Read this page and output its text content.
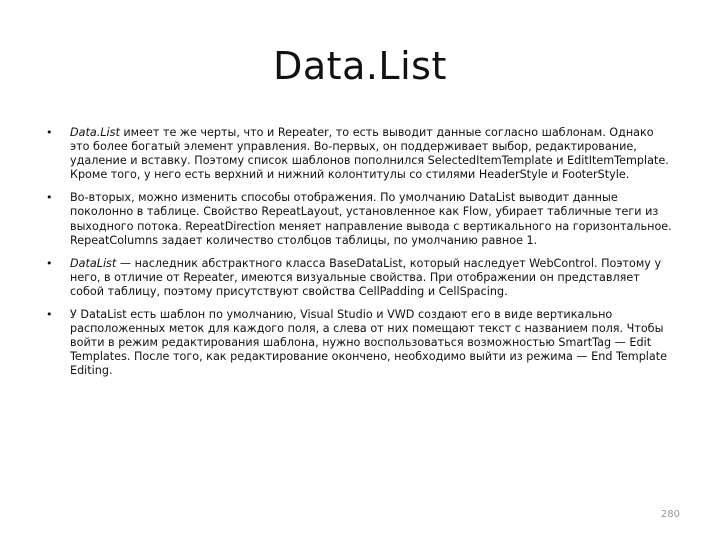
Data.List
• Data.List имеет те же черты, что и Repeater, то есть выводит данные согласно шаблонам. Однако это более богатый элемент управления. Во-первых, он поддерживает выбор, редактирование, удаление и вставку. Поэтому список шаблонов пополнился SelectedItemTemplate и EditItemTemplate. Кроме того, у него есть верхний и нижний колонтитулы со стилями HeaderStyle и FooterStyle.
• Во-вторых, можно изменить способы отображения. По умолчанию DataList выводит данные поколонно в таблице. Свойство RepeatLayout, установленное как Flow, убирает табличные теги из выходного потока. RepeatDirection меняет направление вывода с вертикального на горизонтальное. RepeatColumns задает количество столбцов таблицы, по умолчанию равное 1.
• DataList — наследник абстрактного класса BaseDataList, который наследует WebControl. Поэтому у него, в отличие от Repeater, имеются визуальные свойства. При отображении он представляет собой таблицу, поэтому присутствуют свойства CellPadding и CellSpacing.
• У DataList есть шаблон по умолчанию, Visual Studio и VWD создают его в виде вертикально расположенных меток для каждого поля, а слева от них помещают текст с названием поля. Чтобы войти в режим редактирования шаблона, нужно воспользоваться возможностью SmartTag — Edit Templates. После того, как редактирование окончено, необходимо выйти из режима — End Template Editing.
280
